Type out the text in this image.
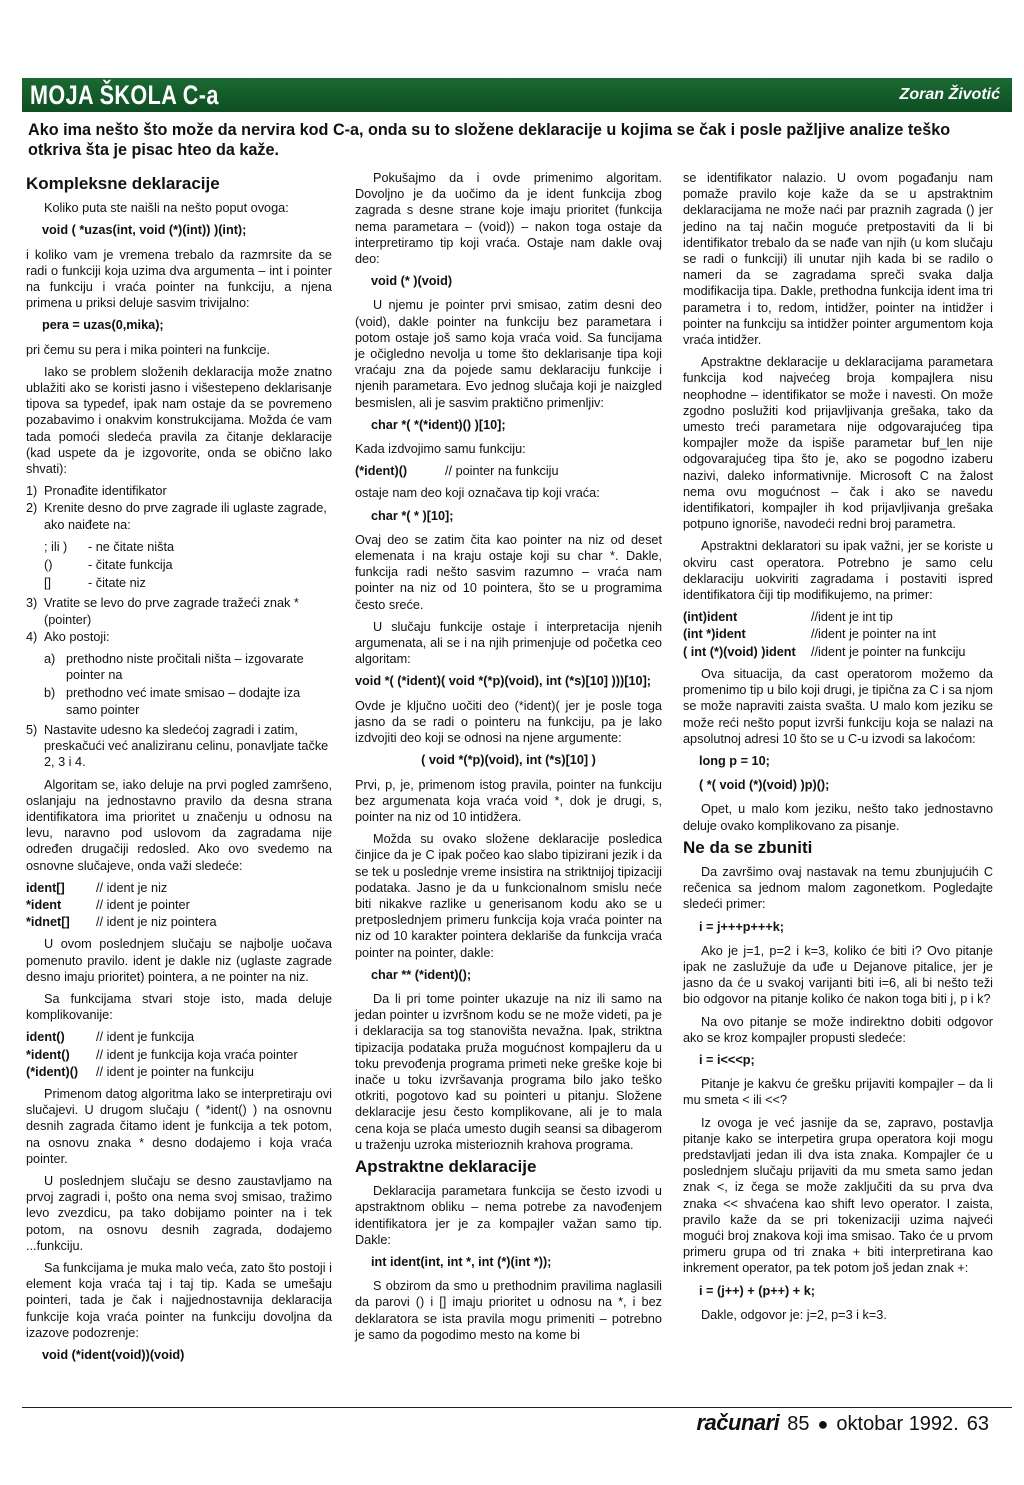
MOJA ŠKOLA C-a	Zoran Životić
Ako ima nešto što može da nervira kod C-a, onda su to složene deklaracije u kojima se čak i posle pažljive analize teško otkriva šta je pisac hteo da kaže.
Kompleksne deklaracije

Koliko puta ste naišli na nešto poput ovoga:

void ( *uzas(int, void (*)(int)) )(int);

i koliko vam je vremena trebalo da razmrsite da se radi o funkciji koja uzima dva argumenta – int i pointer na funkciju i vraća pointer na funkciju, a njena primena u priksi deluje sasvim trivijalno:

pera = uzas(0,mika);

pri čemu su pera i mika pointeri na funkcije.

Iako se problem složenih deklaracija može znatno ublažiti ako se koristi jasno i višestepeno deklarisanje tipova sa typedef, ipak nam ostaje da se povremeno pozabavimo i onakvim konstrukcijama. Možda će vam tada pomoći sledeća pravila za čitanje deklaracije (kad uspete da je izgovorite, onda se obično lako shvati):

1) Pronađite identifikator
2) Krenite desno do prve zagrade ili uglaste zagrade, ako naiđete na:
; ili )	- ne čitate ništa
()	- čitate funkcija
[]	- čitate niz
3) Vratite se levo do prve zagrade tražeći znak * (pointer)
4) Ako postoji:
a) prethodno niste pročitali ništa – izgovarate pointer na
b) prethodno već imate smisao – dodajte iza samo pointer
5) Nastavite udesno ka sledećoj zagradi i zatim, preskačući već analiziranu celinu, ponavljate tačke 2, 3 i 4.

Algoritam se, iako deluje na prvi pogled zamršeno, oslanjaju na jednostavno pravilo da desna strana identifikatora ima prioritet u značenju u odnosu na levu, naravno pod uslovom da zagradama nije određen drugačiji redosled. Ako ovo svedemo na osnovne slučajeve, onda važi sledeće:

ident[]	// ident je niz
*ident	// ident je pointer
*idnet[]	// ident je niz pointera

U ovom poslednjem slučaju se najbolje uočava pomenuto pravilo. ident je dakle niz (uglaste zagrade desno imaju prioritet) pointera, a ne pointer na niz.

Sa funkcijama stvari stoje isto, mada deluje komplikovanije:

ident()	// ident je funkcija
*ident()	// ident je funkcija koja vraća pointer
(*ident)()	// ident je pointer na funkciju

Primenom datog algoritma lako se interpretiraju ovi slučajevi. U drugom slučaju ( *ident() ) na osnovnu desnih zagrada čitamo ident je funkcija a tek potom, na osnovu znaka * desno dodajemo i koja vraća pointer.

U poslednjem slučaju se desno zaustavljamo na prvoj zagradi i, pošto ona nema svoj smisao, tražimo levo zvezdicu, pa tako dobijamo pointer na i tek potom, na osnovu desnih zagrada, dodajemo ...funkciju.

Sa funkcijama je muka malo veća, zato što postoji i element koja vraća taj i taj tip. Kada se umešaju pointeri, tada je čak i najjednostavnija deklaracija funkcije koja vraća pointer na funkciju dovoljna da izazove podozrenje:

void (*ident(void))(void)

Pokušajmo da i ovde primenimo algoritam. Dovoljno je da uočimo da je ident funkcija zbog zagrada s desne strane koje imaju prioritet (funkcija nema parametara – (void)) – nakon toga ostaje da interpretiramo tip koji vraća. Ostaje nam dakle ovaj deo:

void (* )(void)

U njemu je pointer prvi smisao, zatim desni deo (void), dakle pointer na funkciju bez parametara i potom ostaje još samo koja vraća void. Sa funcijama je očigledno nevolja u tome što deklarisanje tipa koji vraćaju zna da pojede samu deklaraciju funkcije i njenih parametara. Evo jednog slučaja koji je naizgled besmislen, ali je sasvim praktično primenljiv:

char *( *(*ident)() )[10];

Kada izdvojimo samu funkciju:

(*ident)()	// pointer na funkciju

ostaje nam deo koji označava tip koji vraća:

char *( * )[10];

Ovaj deo se zatim čita kao pointer na niz od deset elemenata i na kraju ostaje koji su char *. Dakle, funkcija radi nešto sasvim razumno – vraća nam pointer na niz od 10 pointera, što se u programima često sreće.

U slučaju funkcije ostaje i interpretacija njenih argumenata, ali se i na njih primenjuje od početka ceo algoritam:

void *( (*ident)( void *(*p)(void), int (*s)[10] )))[10];

Ovde je ključno uočiti deo (*ident)( jer je posle toga jasno da se radi o pointeru na funkciju, pa je lako izdvojiti deo koji se odnosi na njene argumente:

( void *(*p)(void), int (*s)[10] )

Prvi, p, je, primenom istog pravila, pointer na funkciju bez argumenata koja vraća void *, dok je drugi, s, pointer na niz od 10 intidžera.

Možda su ovako složene deklaracije posledica činjice da je C ipak počeo kao slabo tipizirani jezik i da se tek u poslednje vreme insistira na striktnijoj tipizaciji podataka. Jasno je da u funkcionalnom smislu neće biti nikakve razlike u generisanom kodu ako se u pretposlednjem primeru funkcija koja vraća pointer na niz od 10 karakter pointera deklariše da funkcija vraća pointer na pointer, dakle:

char ** (*ident)();

Da li pri tome pointer ukazuje na niz ili samo na jedan pointer u izvršnom kodu se ne može videti, pa je i deklaracija sa tog stanovišta nevažna. Ipak, striktna tipizacija podataka pruža mogućnost kompajleru da u toku prevođenja programa primeti neke greške koje bi inače u toku izvršavanja programa bilo jako teško otkriti, pogotovo kad su pointeri u pitanju. Složene deklaracije jesu često komplikovane, ali je to mala cena koja se plaća umesto dugih seansi sa dibagerom u traženju uzroka misterioznih krahova programa.

Apstraktne deklaracije

Deklaracija parametara funkcija se često izvodi u apstraktnom obliku – nema potrebe za navođenjem identifikatora jer je za kompajler važan samo tip. Dakle:

int ident(int, int *, int (*)(int *));

S obzirom da smo u prethodnim pravilima naglasili da parovi () i [] imaju prioritet u odnosu na *, i bez deklaratora se ista pravila mogu primeniti – potrebno je samo da pogodimo mesto na kome bi

se identifikator nalazio. U ovom pogađanju nam pomaže pravilo koje kaže da se u apstraktnim deklaracijama ne može naći par praznih zagrada () jer jedino na taj način moguće pretpostaviti da li bi identifikator trebalo da se nađe van njih (u kom slučaju se radi o funkciji) ili unutar njih kada bi se radilo o nameri da se zagradama spreči svaka dalja modifikacija tipa. Dakle, prethodna funkcija ident ima tri parametra i to, redom, intidžer, pointer na intidžer i pointer na funkciju sa intidžer pointer argumentom koja vraća intidžer.

Apstraktne deklaracije u deklaracijama parametara funkcija kod najvećeg broja kompajlera nisu neophodne – identifikator se može i navesti. On može zgodno poslužiti kod prijavljivanja grešaka, tako da umesto treći parametara nije odgovarajućeg tipa kompajler može da ispiše parametar buf_len nije odgovarajućeg tipa što je, ako se pogodno izaberu nazivi, daleko informativnije. Microsoft C na žalost nema ovu mogućnost – čak i ako se navedu identifikatori, kompajler ih kod prijavljivanja grešaka potpuno ignoriše, navodeći redni broj parametra.

Apstraktni deklaratori su ipak važni, jer se koriste u okviru cast operatora. Potrebno je samo celu deklaraciju uokviriti zagradama i postaviti ispred identifikatora čiji tip modifikujemo, na primer:

(int)ident	//ident je int tip
(int *)ident	//ident je pointer na int
( int (*)(void) )ident	//ident je pointer na funkciju

Ova situacija, da cast operatorom možemo da promenimo tip u bilo koji drugi, je tipična za C i sa njom se može napraviti zaista svašta. U malo kom jeziku se može reći nešto poput izvrši funkciju koja se nalazi na apsolutnoj adresi 10 što se u C-u izvodi sa lakoćom:

long p = 10;
( *( void (*)(void) )p)();

Opet, u malo kom jeziku, nešto tako jednostavno deluje ovako komplikovano za pisanje.

Ne da se zbuniti

Da završimo ovaj nastavak na temu zbunjujućih C rečenica sa jednom malom zagonetkom. Pogledajte sledeći primer:

i = j+++p+++k;

Ako je j=1, p=2 i k=3, koliko će biti i? Ovo pitanje ipak ne zaslužuje da uđe u Dejanove pitalice, jer je jasno da će u svakoj varijanti biti i=6, ali bi nešto teži bio odgovor na pitanje koliko će nakon toga biti j, p i k?

Na ovo pitanje se može indirektno dobiti odgovor ako se kroz kompajler propusti sledeće:

i = i<<<p;

Pitanje je kakvu će grešku prijaviti kompajler – da li mu smeta < ili <<?

Iz ovoga je već jasnije da se, zapravo, postavlja pitanje kako se interpetira grupa operatora koji mogu predstavljati jedan ili dva ista znaka. Kompajler će u poslednjem slučaju prijaviti da mu smeta samo jedan znak <, iz čega se može zaključiti da su prva dva znaka << shvaćena kao shift levo operator. I zaista, pravilo kaže da se pri tokenizaciji uzima najveći mogući broj znakova koji ima smisao. Tako će u prvom primeru grupa od tri znaka + biti interpretirana kao inkrement operator, pa tek potom još jedan znak +:

i = (j++) + (p++) + k;

Dakle, odgovor je: j=2, p=3 i k=3.

računari 85 ● oktobar 1992. 63
